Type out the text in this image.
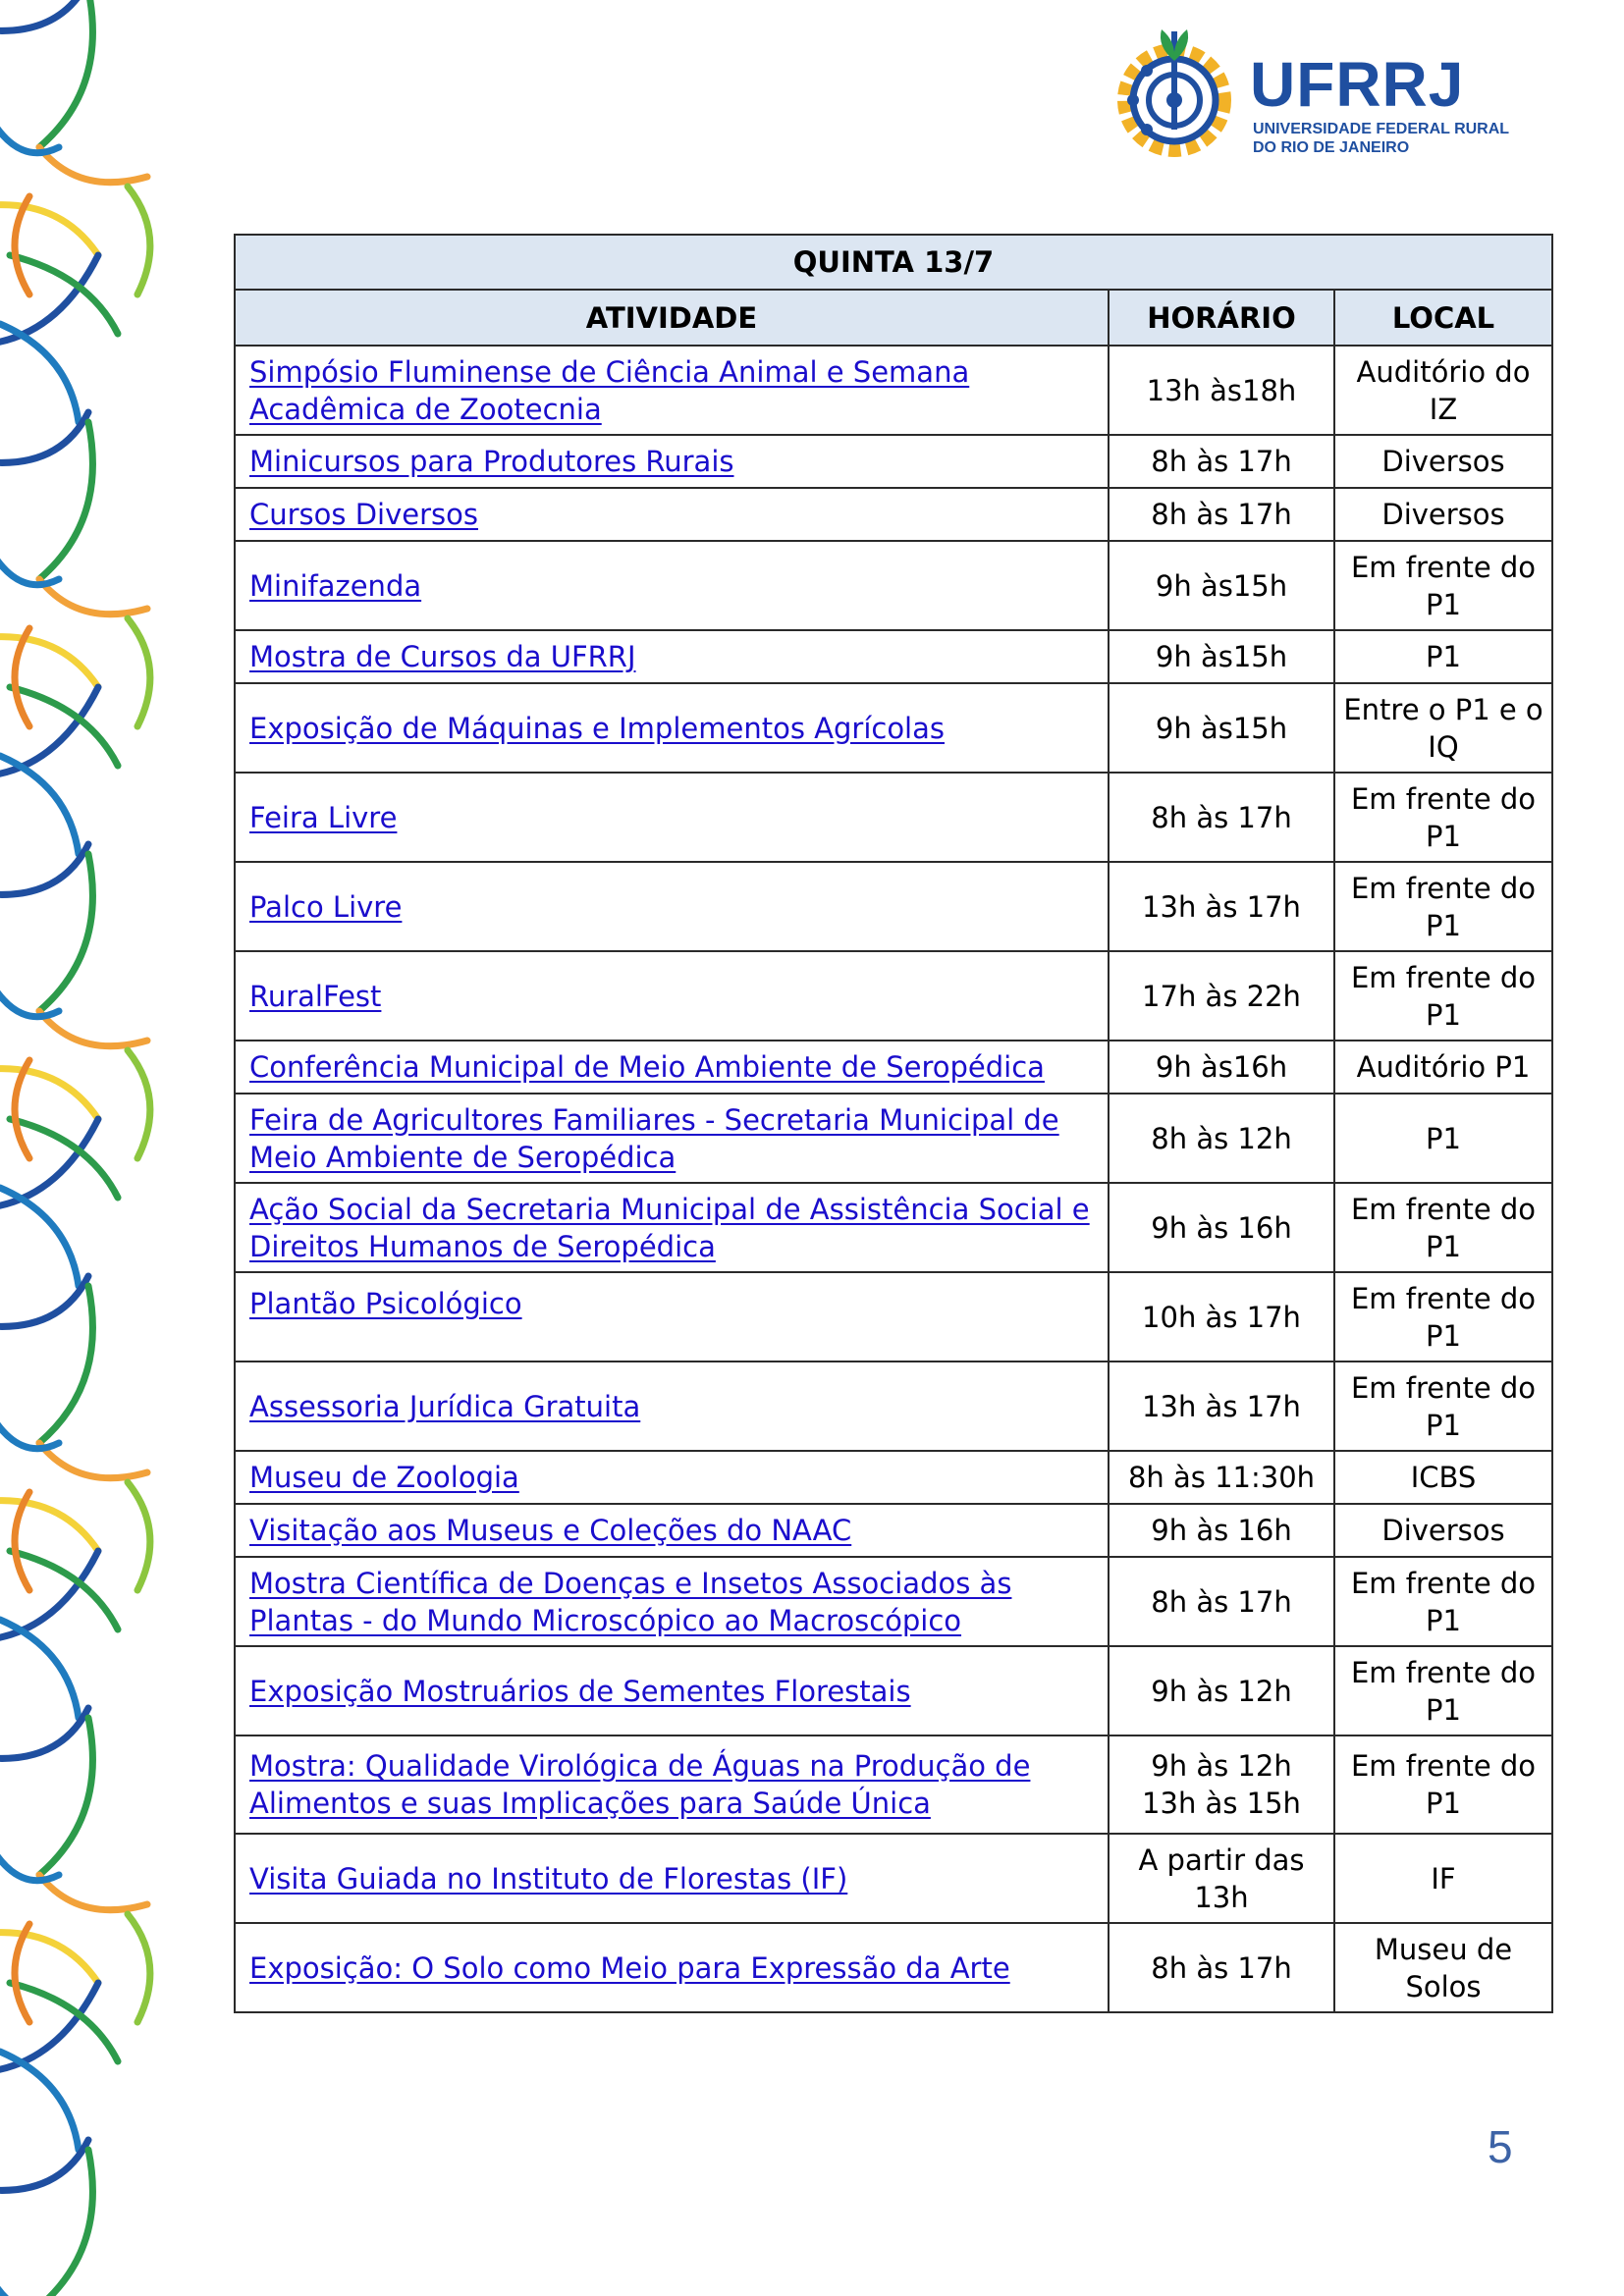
UFRRJ
UNIVERSIDADE FEDERAL RURAL
DO RIO DE JANEIRO
QUINTA 13/7		
ATIVIDADE	HORÁRIO	LOCAL
Simpósio Fluminense de Ciência Animal e Semana Acadêmica de Zootecnia	13h às18h	Auditório do IZ
Minicursos para Produtores Rurais	8h às 17h	Diversos
Cursos Diversos	8h às 17h	Diversos
Minifazenda	9h às15h	Em frente do P1
Mostra de Cursos da UFRRJ	9h às15h	P1
Exposição de Máquinas e Implementos Agrícolas	9h às15h	Entre o P1 e o IQ
Feira Livre	8h às 17h	Em frente do P1
Palco Livre	13h às 17h	Em frente do P1
RuralFest	17h às 22h	Em frente do P1
Conferência Municipal de Meio Ambiente de Seropédica	9h às16h	Auditório P1
Feira de Agricultores Familiares - Secretaria Municipal de Meio Ambiente de Seropédica	8h às 12h	P1
Ação Social da Secretaria Municipal de Assistência Social e Direitos Humanos de Seropédica	9h às 16h	Em frente do P1
Plantão Psicológico	10h às 17h	Em frente do P1
Assessoria Jurídica Gratuita	13h às 17h	Em frente do P1
Museu de Zoologia	8h às 11:30h	ICBS
Visitação aos Museus e Coleções do NAAC	9h às 16h	Diversos
Mostra Científica de Doenças e Insetos Associados às Plantas - do Mundo Microscópico ao Macroscópico	8h às 17h	Em frente do P1
Exposição Mostruários de Sementes Florestais	9h às 12h	Em frente do P1
Mostra: Qualidade Virológica de Águas na Produção de Alimentos e suas Implicações para Saúde Única	9h às 12h 13h às 15h	Em frente do P1
Visita Guiada no Instituto de Florestas (IF)	A partir das 13h	IF
Exposição: O Solo como Meio para Expressão da Arte	8h às 17h	Museu de Solos
5
